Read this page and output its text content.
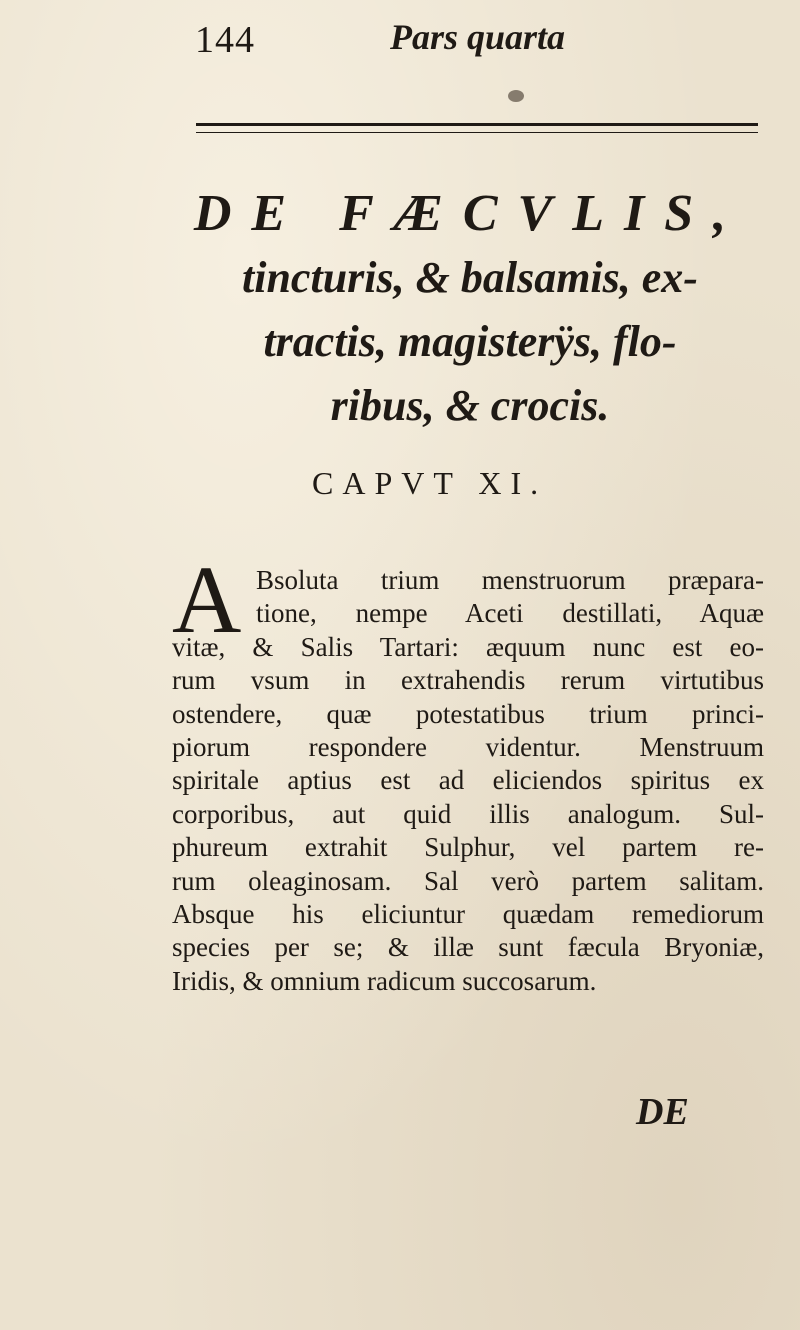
144	Pars quarta
DE FÆCVLIS,
tincturis, & balsamis, ex-
tractis, magisterÿs, flo-
ribus, & crocis.
CAPVT XI.
A Bsoluta trium menstruorum præpara-
tione, nempe Aceti destillati, Aquæ
vitæ, & Salis Tartari: æquum nunc est eo-
rum vsum in extrahendis rerum virtutibus
ostendere, quæ potestatibus trium princi-
piorum respondere videntur. Menstruum
spiritale aptius est ad eliciendos spiritus ex
corporibus, aut quid illis analogum. Sul-
phureum extrahit Sulphur, vel partem re-
rum oleaginosam. Sal verò partem salitam.
Absque his eliciuntur quædam remediorum
species per se; & illæ sunt fæcula Bryoniæ,
Iridis, & omnium radicum succosarum.
DE
